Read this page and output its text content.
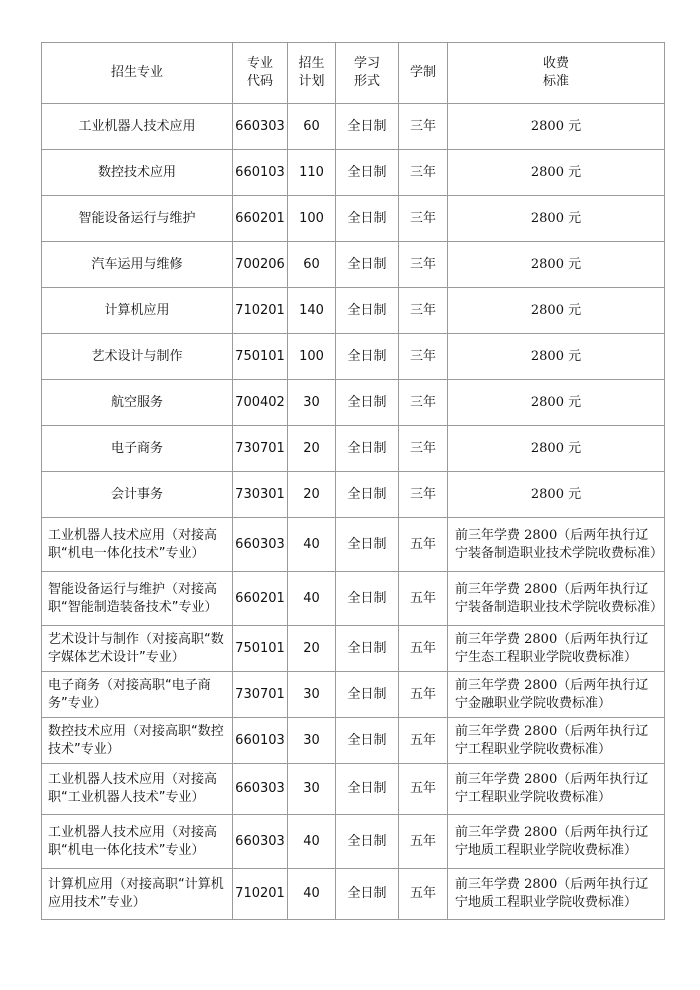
招生专业	专业代码	招生计划	学习形式	学制	收费标准

工业机器人技术应用	660303	60	全日制	三年	2800 元
数控技术应用	660103	110	全日制	三年	2800 元
智能设备运行与维护	660201	100	全日制	三年	2800 元
汽车运用与维修	700206	60	全日制	三年	2800 元
计算机应用	710201	140	全日制	三年	2800 元
艺术设计与制作	750101	100	全日制	三年	2800 元
航空服务	700402	30	全日制	三年	2800 元
电子商务	730701	20	全日制	三年	2800 元
会计事务	730301	20	全日制	三年	2800 元
工业机器人技术应用（对接高职“机电一体化技术”专业）	660303	40	全日制	五年	前三年学费 2800（后两年执行辽宁装备制造职业技术学院收费标准）
智能设备运行与维护（对接高职“智能制造装备技术”专业）	660201	40	全日制	五年	前三年学费 2800（后两年执行辽宁装备制造职业技术学院收费标准）
艺术设计与制作（对接高职“数字媒体艺术设计”专业）	750101	20	全日制	五年	前三年学费 2800（后两年执行辽宁生态工程职业学院收费标准）
电子商务（对接高职“电子商务”专业）	730701	30	全日制	五年	前三年学费 2800（后两年执行辽宁金融职业学院收费标准）
数控技术应用（对接高职“数控技术”专业）	660103	30	全日制	五年	前三年学费 2800（后两年执行辽宁工程职业学院收费标准）
工业机器人技术应用（对接高职“工业机器人技术”专业）	660303	30	全日制	五年	前三年学费 2800（后两年执行辽宁工程职业学院收费标准）
工业机器人技术应用（对接高职“机电一体化技术”专业）	660303	40	全日制	五年	前三年学费 2800（后两年执行辽宁地质工程职业学院收费标准）
计算机应用（对接高职“计算机应用技术”专业）	710201	40	全日制	五年	前三年学费 2800（后两年执行辽宁地质工程职业学院收费标准）
